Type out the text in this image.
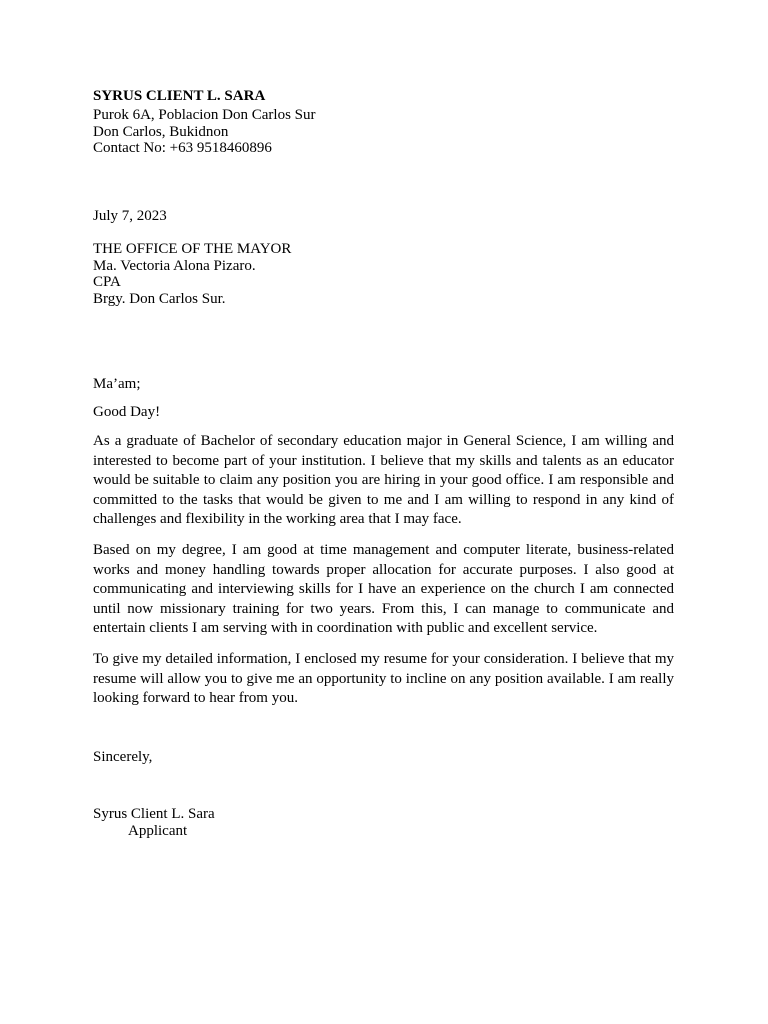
SYRUS CLIENT L. SARA
Purok 6A, Poblacion Don Carlos Sur
Don Carlos, Bukidnon
Contact No: +63 9518460896
July 7, 2023
THE OFFICE OF THE MAYOR
Ma. Vectoria Alona Pizaro.
CPA
Brgy. Don Carlos Sur.
Ma’am;
Good Day!
As a graduate of Bachelor of secondary education major in General Science, I am willing and interested to become part of your institution. I believe that my skills and talents as an educator would be suitable to claim any position you are hiring in your good office. I am responsible and committed to the tasks that would be given to me and I am willing to respond in any kind of challenges and flexibility in the working area that I may face.
Based on my degree, I am good at time management and computer literate, business-related works and money handling towards proper allocation for accurate purposes. I also good at communicating and interviewing skills for I have an experience on the church I am connected until now missionary training for two years. From this, I can manage to communicate and entertain clients I am serving with in coordination with public and excellent service.
To give my detailed information, I enclosed my resume for your consideration. I believe that my resume will allow you to give me an opportunity to incline on any position available. I am really looking forward to hear from you.
Sincerely,
Syrus Client L. Sara
Applicant
